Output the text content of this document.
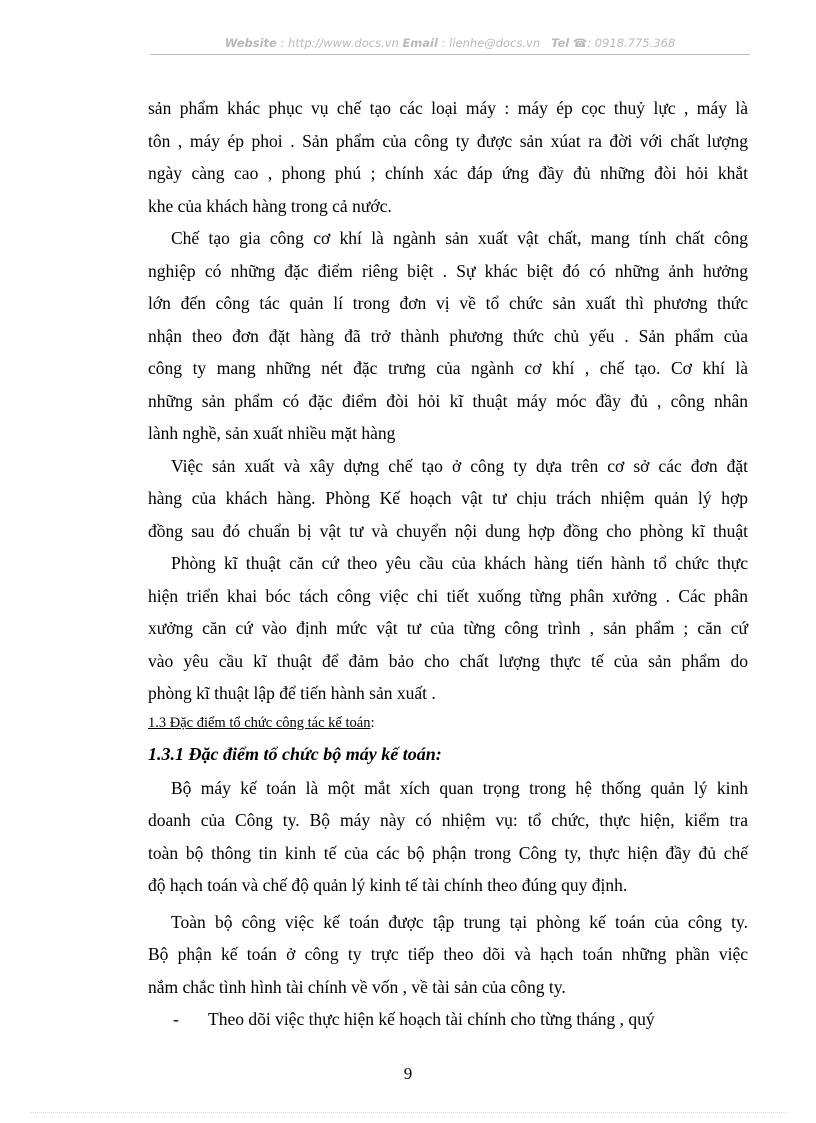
Website : http://www.docs.vn Email : lienhe@docs.vn Tel ☎: 0918.775.368
sản phẩm khác phục vụ chế tạo các loại máy : máy ép cọc thuỷ lực , máy là
tôn , máy ép phoi . Sản phẩm của công ty được sản xúat ra đời với chất lượng
ngày càng cao , phong phú ; chính xác đáp ứng đầy đủ những đòi hỏi khắt
khe của khách hàng trong cả nước.
Chế tạo gia công cơ khí là ngành sản xuất vật chất, mang tính chất công
nghiệp có những đặc điểm riêng biệt . Sự khác biệt đó có những ảnh hưởng
lớn đến công tác quản lí trong đơn vị về tổ chức sản xuất thì phương thức
nhận theo đơn đặt hàng đã trở thành phương thức chủ yếu . Sản phẩm của
công ty mang những nét đặc trưng của ngành cơ khí , chế tạo. Cơ khí là
những sản phẩm có đặc điểm đòi hỏi kĩ thuật máy móc đầy đủ , công nhân
lành nghề, sản xuất nhiều mặt hàng
Việc sản xuất và xây dựng chế tạo ở công ty dựa trên cơ sở các đơn đặt
hàng của khách hàng. Phòng Kế hoạch vật tư chịu trách nhiệm quản lý hợp
đồng sau đó chuẩn bị vật tư và chuyển nội dung hợp đồng cho phòng kĩ thuật
Phòng kĩ thuật căn cứ theo yêu cầu của khách hàng tiến hành tổ chức thực
hiện triển khai bóc tách công việc chi tiết xuống từng phân xưởng . Các phân
xưởng căn cứ vào định mức vật tư của từng công trình , sản phẩm ; căn cứ
vào yêu cầu kĩ thuật để đảm bảo cho chất lượng thực tế của sản phẩm do
phòng kĩ thuật lập để tiến hành sản xuất .
1.3 Đặc điểm tổ chức công tác kế toán:
1.3.1 Đặc điểm tổ chức bộ máy kế toán:
Bộ máy kế toán là một mắt xích quan trọng trong hệ thống quản lý kinh
doanh của Công ty. Bộ máy này có nhiệm vụ: tổ chức, thực hiện, kiểm tra
toàn bộ thông tin kinh tế của các bộ phận trong Công ty, thực hiện đầy đủ chế
độ hạch toán và chế độ quản lý kinh tế tài chính theo đúng quy định.
Toàn bộ công việc kế toán được tập trung tại phòng kế toán của công ty.
Bộ phận kế toán ở công ty trực tiếp theo dõi và hạch toán những phần việc
nắm chắc tình hình tài chính về vốn , về tài sản của công ty.
- Theo dõi việc thực hiện kế hoạch tài chính cho từng tháng , quý
9
